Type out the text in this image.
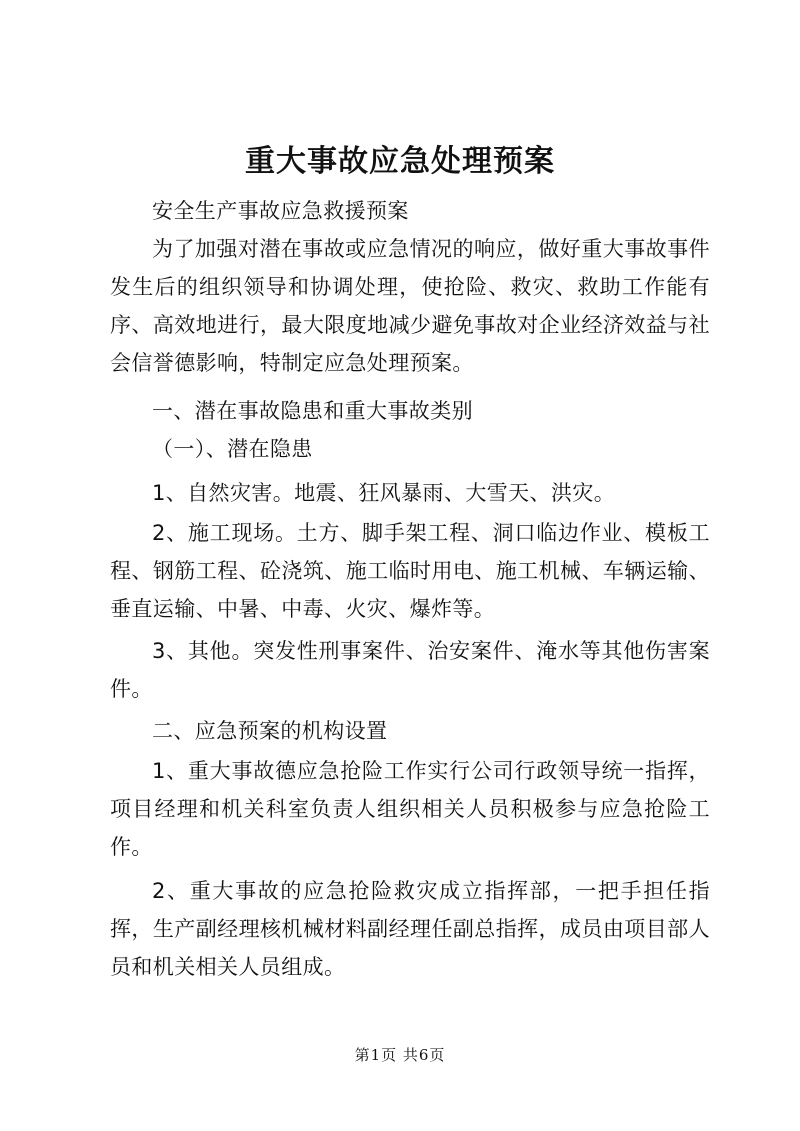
重大事故应急处理预案

安全生产事故应急救援预案

为了加强对潜在事故或应急情况的响应，做好重大事故事件发生后的组织领导和协调处理，使抢险、救灾、救助工作能有序、高效地进行，最大限度地减少避免事故对企业经济效益与社会信誉德影响，特制定应急处理预案。

一、潜在事故隐患和重大事故类别

（一）、潜在隐患

1、自然灾害。地震、狂风暴雨、大雪天、洪灾。

2、施工现场。土方、脚手架工程、洞口临边作业、模板工程、钢筋工程、砼浇筑、施工临时用电、施工机械、车辆运输、垂直运输、中暑、中毒、火灾、爆炸等。

3、其他。突发性刑事案件、治安案件、淹水等其他伤害案件。

二、应急预案的机构设置

1、重大事故德应急抢险工作实行公司行政领导统一指挥，项目经理和机关科室负责人组织相关人员积极参与应急抢险工作。

2、重大事故的应急抢险救灾成立指挥部，一把手担任指挥，生产副经理核机械材料副经理任副总指挥，成员由项目部人员和机关相关人员组成。

第1页 共6页
